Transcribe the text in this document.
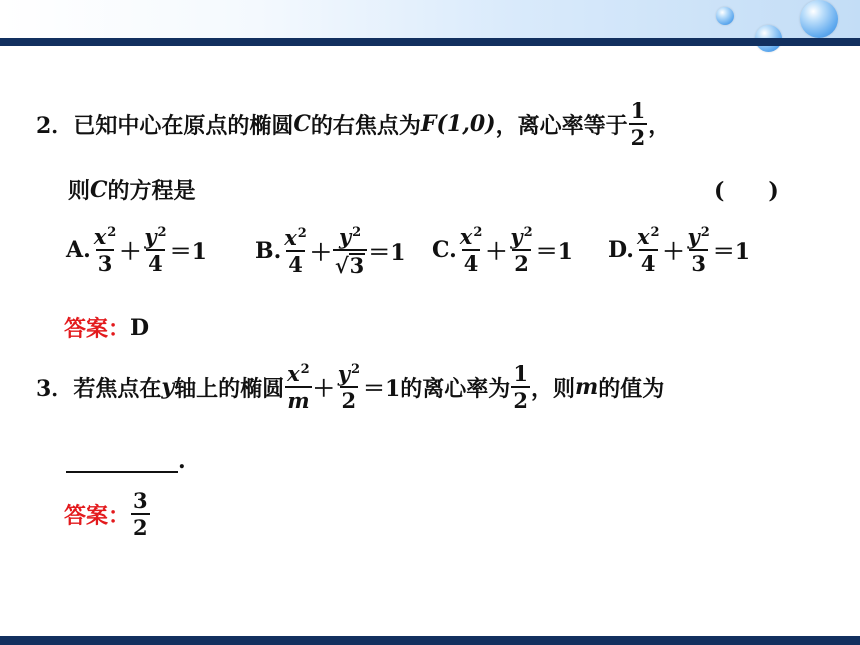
2． 已知中心在原点的椭圆 C 的右焦点为 F(1,0) ，离心率等于 $\frac{1}{2}$ ，
则 C 的方程是	(　　)
A. $\frac{x^2}{3} + \frac{y^2}{4} =1$ B. $\frac{x^2}{4} + \frac{y^2}{√ 3} =1$ C. $\frac{x^2}{4} + \frac{y^2}{2} =1$ D. $\frac{x^2}{4} + \frac{y^2}{3} =1$
答案： D
3． 若焦点在 y 轴上的椭圆 $\frac{x^2}{m} + \frac{y^2}{2} =1$ 的离心率为 $\frac{1}{2}$ ，则 m 的值为
.
答案： $\frac{3}{2}$
